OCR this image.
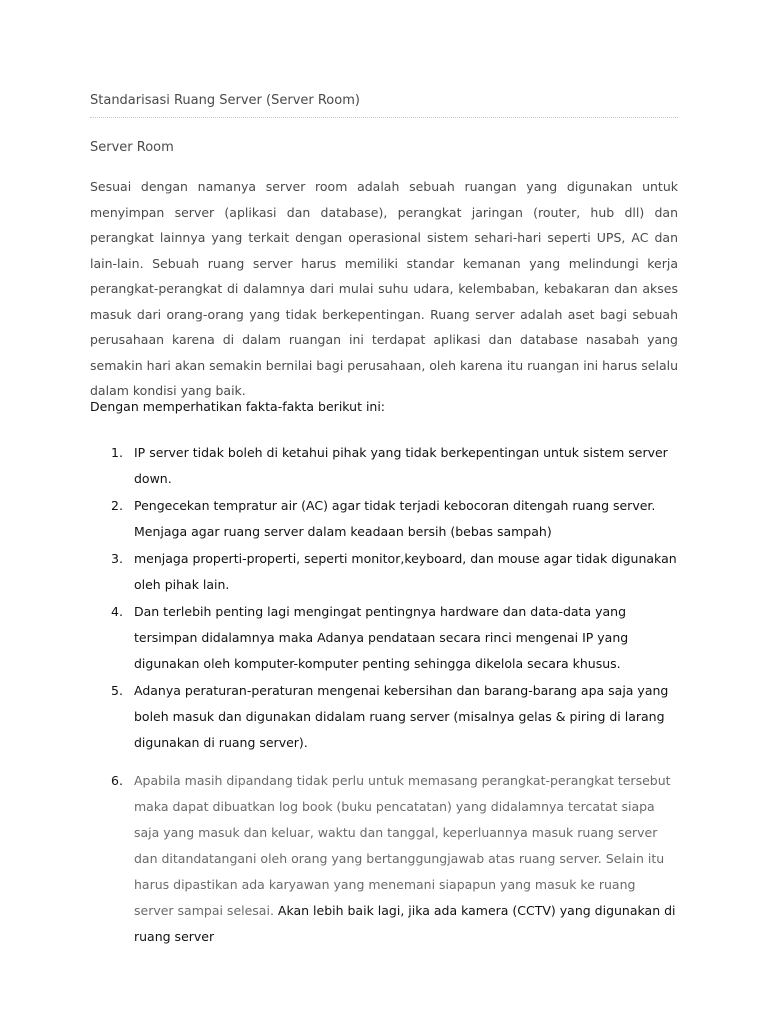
Standarisasi Ruang Server (Server Room)
Server Room

Sesuai dengan namanya server room adalah sebuah ruangan yang digunakan untuk menyimpan server (aplikasi dan database), perangkat jaringan (router, hub dll) dan perangkat lainnya yang terkait dengan operasional sistem sehari-hari seperti UPS, AC dan lain-lain. Sebuah ruang server harus memiliki standar kemanan yang melindungi kerja perangkat-perangkat di dalamnya dari mulai suhu udara, kelembaban, kebakaran dan akses masuk dari orang-orang yang tidak berkepentingan. Ruang server adalah aset bagi sebuah perusahaan karena di dalam ruangan ini terdapat aplikasi dan database nasabah yang semakin hari akan semakin bernilai bagi perusahaan, oleh karena itu ruangan ini harus selalu dalam kondisi yang baik.

Dengan memperhatikan fakta-fakta berikut ini:
1. IP server tidak boleh di ketahui pihak yang tidak berkepentingan untuk sistem server down.
2. Pengecekan tempratur air (AC) agar tidak terjadi kebocoran ditengah ruang server. Menjaga agar ruang server dalam keadaan bersih (bebas sampah)
3. menjaga properti-properti, seperti monitor,keyboard, dan mouse agar tidak digunakan oleh pihak lain.
4. Dan terlebih penting lagi mengingat pentingnya hardware dan data-data yang tersimpan didalamnya maka Adanya pendataan secara rinci mengenai IP yang digunakan oleh komputer-komputer penting sehingga dikelola secara khusus.
5. Adanya peraturan-peraturan mengenai kebersihan dan barang-barang apa saja yang boleh masuk dan digunakan didalam ruang server (misalnya gelas & piring di larang digunakan di ruang server).
6. Apabila masih dipandang tidak perlu untuk memasang perangkat-perangkat tersebut maka dapat dibuatkan log book (buku pencatatan) yang didalamnya tercatat siapa saja yang masuk dan keluar, waktu dan tanggal, keperluannya masuk ruang server dan ditandatangani oleh orang yang bertanggungjawab atas ruang server. Selain itu harus dipastikan ada karyawan yang menemani siapapun yang masuk ke ruang server sampai selesai. Akan lebih baik lagi, jika ada kamera (CCTV) yang digunakan di ruang server
